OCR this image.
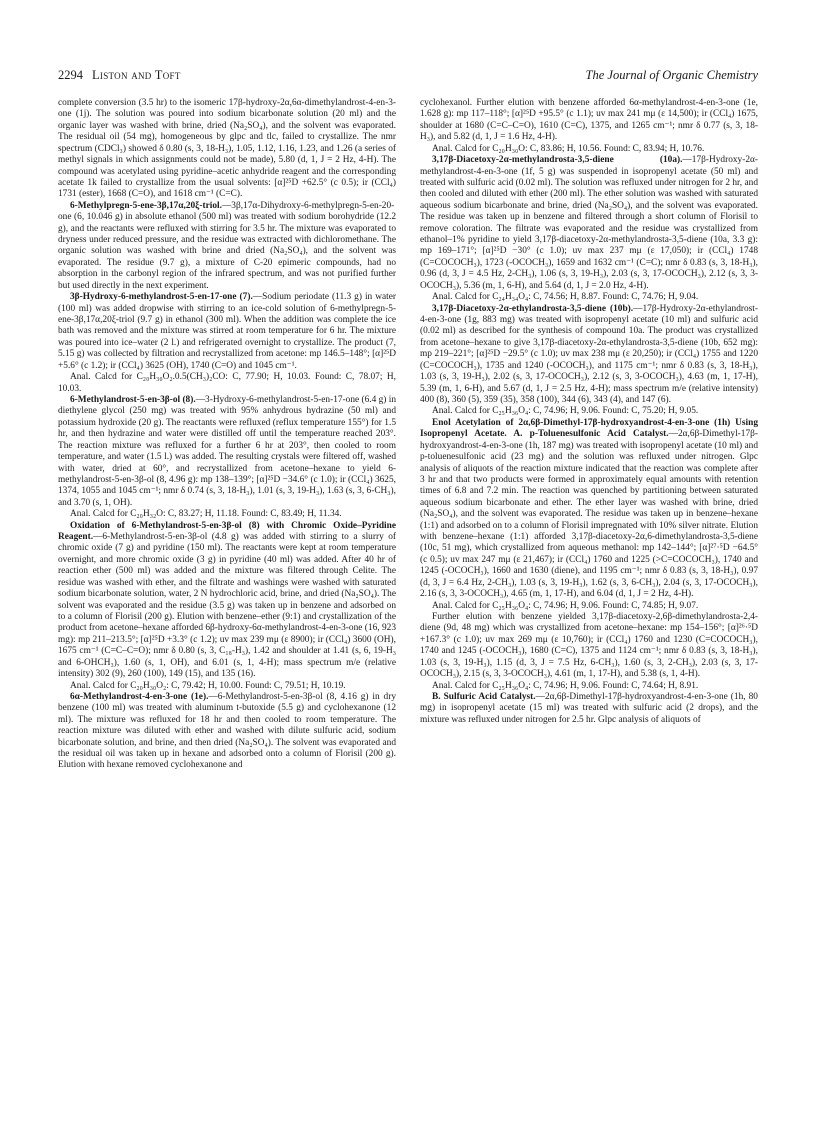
2294 Liston and Toft	The Journal of Organic Chemistry

complete conversion (3.5 hr) to the isomeric 17β-hydroxy-2α,6α-dimethylandrost-4-en-3-one (1j). The solution was poured into sodium bicarbonate solution (20 ml) and the organic layer was washed with brine, dried (Na₂SO₄), and the solvent was evaporated. The residual oil (54 mg), homogeneous by glpc and tlc, failed to crystallize. The nmr spectrum (CDCl₃) showed δ 0.80 (s, 3, 18-H₃), 1.05, 1.12, 1.16, 1.23, and 1.26 (a series of methyl signals in which assignments could not be made), 5.80 (d, 1, J = 2 Hz, 4-H). The compound was acetylated using pyridine–acetic anhydride reagent and the corresponding acetate 1k failed to crystallize from the usual solvents: [α]²⁵D +62.5° (c 0.5); ir (CCl₄) 1731 (ester), 1668 (C=O), and 1618 cm⁻¹ (C=C).

6-Methylpregn-5-ene-3β,17α,20ξ-triol.—3β,17α-Dihydroxy-6-methylpregn-5-en-20-one (6, 10.046 g) in absolute ethanol (500 ml) was treated with sodium borohydride (12.2 g), and the reactants were refluxed with stirring for 3.5 hr. The mixture was evaporated to dryness under reduced pressure, and the residue was extracted with dichloromethane. The organic solution was washed with brine and dried (Na₂SO₄), and the solvent was evaporated. The residue (9.7 g), a mixture of C-20 epimeric compounds, had no absorption in the carbonyl region of the infrared spectrum, and was not purified further but used directly in the next experiment.

3β-Hydroxy-6-methylandrost-5-en-17-one (7).—Sodium periodate (11.3 g) in water (100 ml) was added dropwise with stirring to an ice-cold solution of 6-methylpregn-5-ene-3β,17α,20ξ-triol (9.7 g) in ethanol (300 ml). When the addition was complete the ice bath was removed and the mixture was stirred at room temperature for 6 hr. The mixture was poured into ice–water (2 l.) and refrigerated overnight to crystallize. The product (7, 5.15 g) was collected by filtration and recrystallized from acetone: mp 146.5–148°; [α]²⁵D +5.6° (c 1.2); ir (CCl₄) 3625 (OH), 1740 (C=O) and 1045 cm⁻¹.

Anal. Calcd for C₂₀H₃₀O₂.0.5(CH₃)₂CO: C, 77.90; H, 10.03. Found: C, 78.07; H, 10.03.

6-Methylandrost-5-en-3β-ol (8).—3-Hydroxy-6-methylandrost-5-en-17-one (6.4 g) in diethylene glycol (250 mg) was treated with 95% anhydrous hydrazine (50 ml) and potassium hydroxide (20 g). The reactants were refluxed (reflux temperature 155°) for 1.5 hr, and then hydrazine and water were distilled off until the temperature reached 203°. The reaction mixture was refluxed for a further 6 hr at 203°, then cooled to room temperature, and water (1.5 l.) was added. The resulting crystals were filtered off, washed with water, dried at 60°, and recrystallized from acetone–hexane to yield 6-methylandrost-5-en-3β-ol (8, 4.96 g): mp 138–139°; [α]²⁵D −34.6° (c 1.0); ir (CCl₄) 3625, 1374, 1055 and 1045 cm⁻¹; nmr δ 0.74 (s, 3, 18-H₃), 1.01 (s, 3, 19-H₃), 1.63 (s, 3, 6-CH₃), and 3.70 (s, 1, OH).

Anal. Calcd for C₂₀H₃₂O: C, 83.27; H, 11.18. Found: C, 83.49; H, 11.34.

Oxidation of 6-Methylandrost-5-en-3β-ol (8) with Chromic Oxide–Pyridine Reagent.—6-Methylandrost-5-en-3β-ol (4.8 g) was added with stirring to a slurry of chromic oxide (7 g) and pyridine (150 ml). The reactants were kept at room temperature overnight, and more chromic oxide (3 g) in pyridine (40 ml) was added. After 40 hr of reaction ether (500 ml) was added and the mixture was filtered through Celite. The residue was washed with ether, and the filtrate and washings were washed with saturated sodium bicarbonate solution, water, 2 N hydrochloric acid, brine, and dried (Na₂SO₄). The solvent was evaporated and the residue (3.5 g) was taken up in benzene and adsorbed on to a column of Florisil (200 g). Elution with benzene–ether (9:1) and crystallization of the product from acetone–hexane afforded 6β-hydroxy-6α-methylandrost-4-en-3-one (16, 923 mg): mp 211–213.5°; [α]²⁵D +3.3° (c 1.2); uv max 239 mμ (ε 8900); ir (CCl₄) 3600 (OH), 1675 cm⁻¹ (C=C–C=O); nmr δ 0.80 (s, 3, C₁₈-H₃), 1.42 and shoulder at 1.41 (s, 6, 19-H₃ and 6-OHCH₃), 1.60 (s, 1, OH), and 6.01 (s, 1, 4-H); mass spectrum m/e (relative intensity) 302 (9), 260 (100), 149 (15), and 135 (16).

Anal. Calcd for C₂₀H₃₀O₂: C, 79.42; H, 10.00. Found: C, 79.51; H, 10.19.

6α-Methylandrost-4-en-3-one (1e).—6-Methylandrost-5-en-3β-ol (8, 4.16 g) in dry benzene (100 ml) was treated with aluminum t-butoxide (5.5 g) and cyclohexanone (12 ml). The mixture was refluxed for 18 hr and then cooled to room temperature. The reaction mixture was diluted with ether and washed with dilute sulfuric acid, sodium bicarbonate solution, and brine, and then dried (Na₂SO₄). The solvent was evaporated and the residual oil was taken up in hexane and adsorbed onto a column of Florisil (200 g). Elution with hexane removed cyclohexanone and

cyclohexanol. Further elution with benzene afforded 6α-methylandrost-4-en-3-one (1e, 1.628 g): mp 117–118°; [α]²⁵D +95.5° (c 1.1); uv max 241 mμ (ε 14,500); ir (CCl₄) 1675, shoulder at 1680 (C=C–C=O), 1610 (C=C), 1375, and 1265 cm⁻¹; nmr δ 0.77 (s, 3, 18-H₃), and 5.82 (d, 1, J = 1.6 Hz, 4-H).

Anal. Calcd for C₂₀H₃₀O: C, 83.86; H, 10.56. Found: C, 83.94; H, 10.76.

3,17β-Diacetoxy-2α-methylandrosta-3,5-diene (10a).—17β-Hydroxy-2α-methylandrost-4-en-3-one (1f, 5 g) was suspended in isopropenyl acetate (50 ml) and treated with sulfuric acid (0.02 ml). The solution was refluxed under nitrogen for 2 hr, and then cooled and diluted with ether (200 ml). The ether solution was washed with saturated aqueous sodium bicarbonate and brine, dried (Na₂SO₄), and the solvent was evaporated. The residue was taken up in benzene and filtered through a short column of Florisil to remove coloration. The filtrate was evaporated and the residue was crystallized from ethanol–1% pyridine to yield 3,17β-diacetoxy-2α-methylandrosta-3,5-diene (10a, 3.3 g): mp 169–171°; [α]²⁵D −30° (c 1.0); uv max 237 mμ (ε 17,050); ir (CCl₄) 1748 (C=COCOCH₃), 1723 (-OCOCH₃), 1659 and 1632 cm⁻¹ (C=C); nmr δ 0.83 (s, 3, 18-H₃), 0.96 (d, 3, J = 4.5 Hz, 2-CH₃), 1.06 (s, 3, 19-H₃), 2.03 (s, 3, 17-OCOCH₃), 2.12 (s, 3, 3-OCOCH₃), 5.36 (m, 1, 6-H), and 5.64 (d, 1, J = 2.0 Hz, 4-H).

Anal. Calcd for C₂₄H₃₄O₄: C, 74.56; H, 8.87. Found: C, 74.76; H, 9.04.

3,17β-Diacetoxy-2α-ethylandrosta-3,5-diene (10b).—17β-Hydroxy-2α-ethylandrost-4-en-3-one (1g, 883 mg) was treated with isopropenyl acetate (10 ml) and sulfuric acid (0.02 ml) as described for the synthesis of compound 10a. The product was crystallized from acetone–hexane to give 3,17β-diacetoxy-2α-ethylandrosta-3,5-diene (10b, 652 mg): mp 219–221°; [α]²⁵D −29.5° (c 1.0); uv max 238 mμ (ε 20,250); ir (CCl₄) 1755 and 1220 (C=COCOCH₃), 1735 and 1240 (-OCOCH₃), and 1175 cm⁻¹; nmr δ 0.83 (s, 3, 18-H₃), 1.03 (s, 3, 19-H₃), 2.02 (s, 3, 17-OCOCH₃), 2.12 (s, 3, 3-OCOCH₃), 4.63 (m, 1, 17-H), 5.39 (m, 1, 6-H), and 5.67 (d, 1, J = 2.5 Hz, 4-H); mass spectrum m/e (relative intensity) 400 (8), 360 (5), 359 (35), 358 (100), 344 (6), 343 (4), and 147 (6).

Anal. Calcd for C₂₅H₃₆O₄: C, 74.96; H, 9.06. Found: C, 75.20; H, 9.05.

Enol Acetylation of 2α,6β-Dimethyl-17β-hydroxyandrost-4-en-3-one (1h) Using Isopropenyl Acetate. A. p-Toluenesulfonic Acid Catalyst.—2α,6β-Dimethyl-17β-hydroxyandrost-4-en-3-one (1h, 187 mg) was treated with isopropenyl acetate (10 ml) and p-toluenesulfonic acid (23 mg) and the solution was refluxed under nitrogen. Glpc analysis of aliquots of the reaction mixture indicated that the reaction was complete after 3 hr and that two products were formed in approximately equal amounts with retention times of 6.8 and 7.2 min. The reaction was quenched by partitioning between saturated aqueous sodium bicarbonate and ether. The ether layer was washed with brine, dried (Na₂SO₄), and the solvent was evaporated. The residue was taken up in benzene–hexane (1:1) and adsorbed on to a column of Florisil impregnated with 10% silver nitrate. Elution with benzene–hexane (1:1) afforded 3,17β-diacetoxy-2α,6-dimethylandrosta-3,5-diene (10c, 51 mg), which crystallized from aqueous methanol: mp 142–144°; [α]²⁷·⁵D −64.5° (c 0.5); uv max 247 mμ (ε 21,467); ir (CCl₄) 1760 and 1225 (>C=COCOCH₃), 1740 and 1245 (-OCOCH₃), 1660 and 1630 (diene), and 1195 cm⁻¹; nmr δ 0.83 (s, 3, 18-H₃), 0.97 (d, 3, J = 6.4 Hz, 2-CH₃), 1.03 (s, 3, 19-H₃), 1.62 (s, 3, 6-CH₃), 2.04 (s, 3, 17-OCOCH₃), 2.16 (s, 3, 3-OCOCH₃), 4.65 (m, 1, 17-H), and 6.04 (d, 1, J = 2 Hz, 4-H).

Anal. Calcd for C₂₅H₃₆O₄: C, 74.96; H, 9.06. Found: C, 74.85; H, 9.07.

Further elution with benzene yielded 3,17β-diacetoxy-2,6β-dimethylandrosta-2,4-diene (9d, 48 mg) which was crystallized from acetone–hexane: mp 154–156°; [α]²⁶·⁵D +167.3° (c 1.0); uv max 269 mμ (ε 10,760); ir (CCl₄) 1760 and 1230 (C=COCOCH₃), 1740 and 1245 (-OCOCH₃), 1680 (C=C), 1375 and 1124 cm⁻¹; nmr δ 0.83 (s, 3, 18-H₃), 1.03 (s, 3, 19-H₃), 1.15 (d, 3, J = 7.5 Hz, 6-CH₃), 1.60 (s, 3, 2-CH₃), 2.03 (s, 3, 17-OCOCH₃), 2.15 (s, 3, 3-OCOCH₃), 4.61 (m, 1, 17-H), and 5.38 (s, 1, 4-H).

Anal. Calcd for C₂₅H₃₆O₄: C, 74.96; H, 9.06. Found: C, 74.64; H, 8.91.

B. Sulfuric Acid Catalyst.—2α,6β-Dimethyl-17β-hydroxyandrost-4-en-3-one (1h, 80 mg) in isopropenyl acetate (15 ml) was treated with sulfuric acid (2 drops), and the mixture was refluxed under nitrogen for 2.5 hr. Glpc analysis of aliquots of
